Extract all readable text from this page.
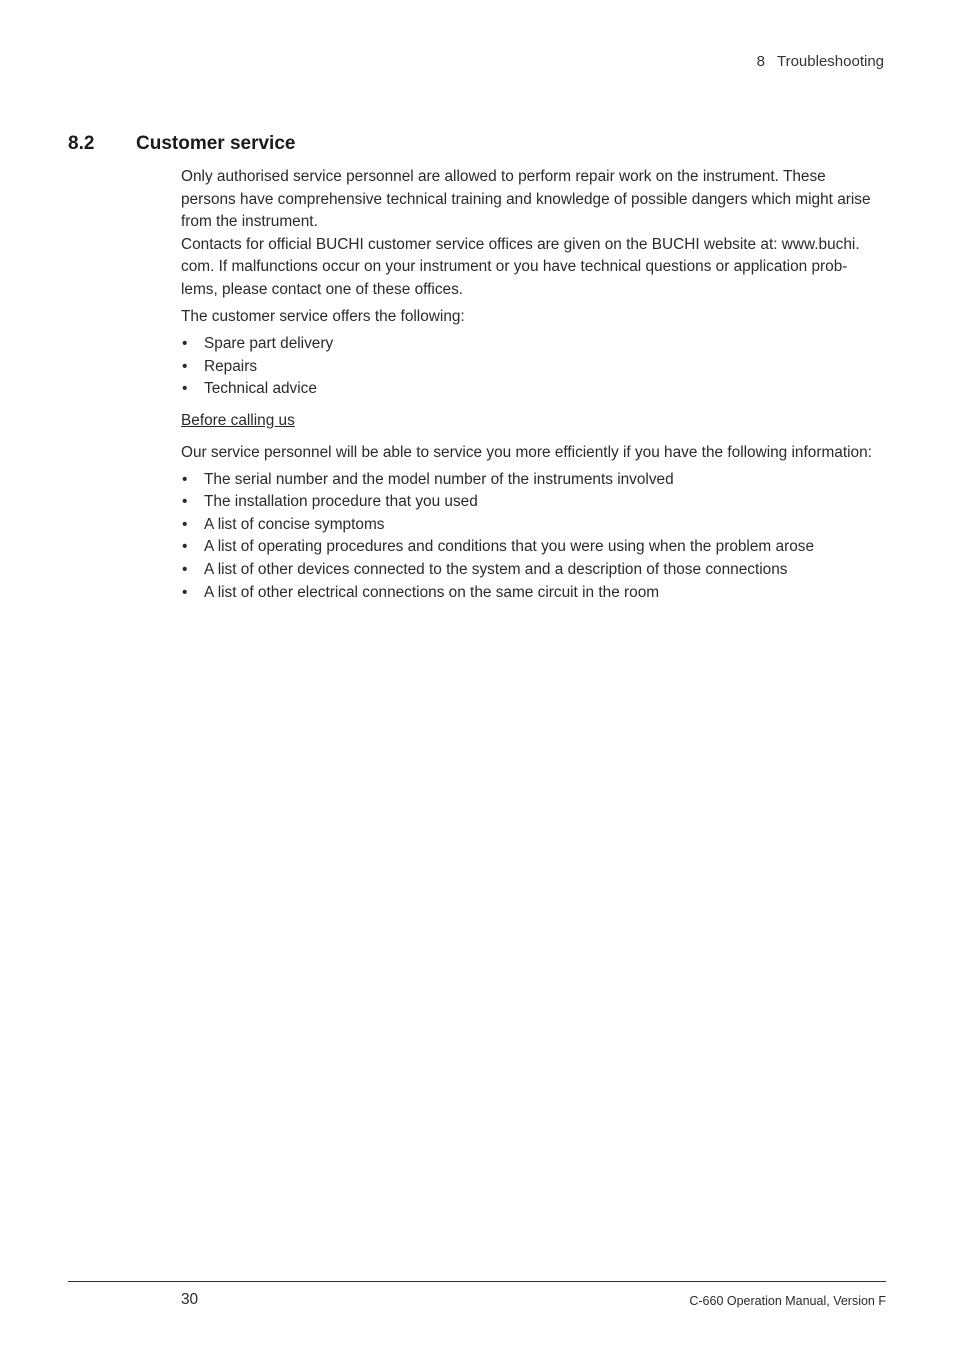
8 Troubleshooting
8.2 Customer service

Only authorised service personnel are allowed to perform repair work on the instrument. These
persons have comprehensive technical training and knowledge of possible dangers which might arise
from the instrument.

Contacts for official BUCHI customer service offices are given on the BUCHI website at: www.buchi.
com. If malfunctions occur on your instrument or you have technical questions or application prob-
lems, please contact one of these offices.

The customer service offers the following:

• Spare part delivery
• Repairs
• Technical advice

Before calling us

Our service personnel will be able to service you more efficiently if you have the following information:

• The serial number and the model number of the instruments involved
• The installation procedure that you used
• A list of concise symptoms
• A list of operating procedures and conditions that you were using when the problem arose
• A list of other devices connected to the system and a description of those connections
• A list of other electrical connections on the same circuit in the room
30	C-660 Operation Manual, Version F
